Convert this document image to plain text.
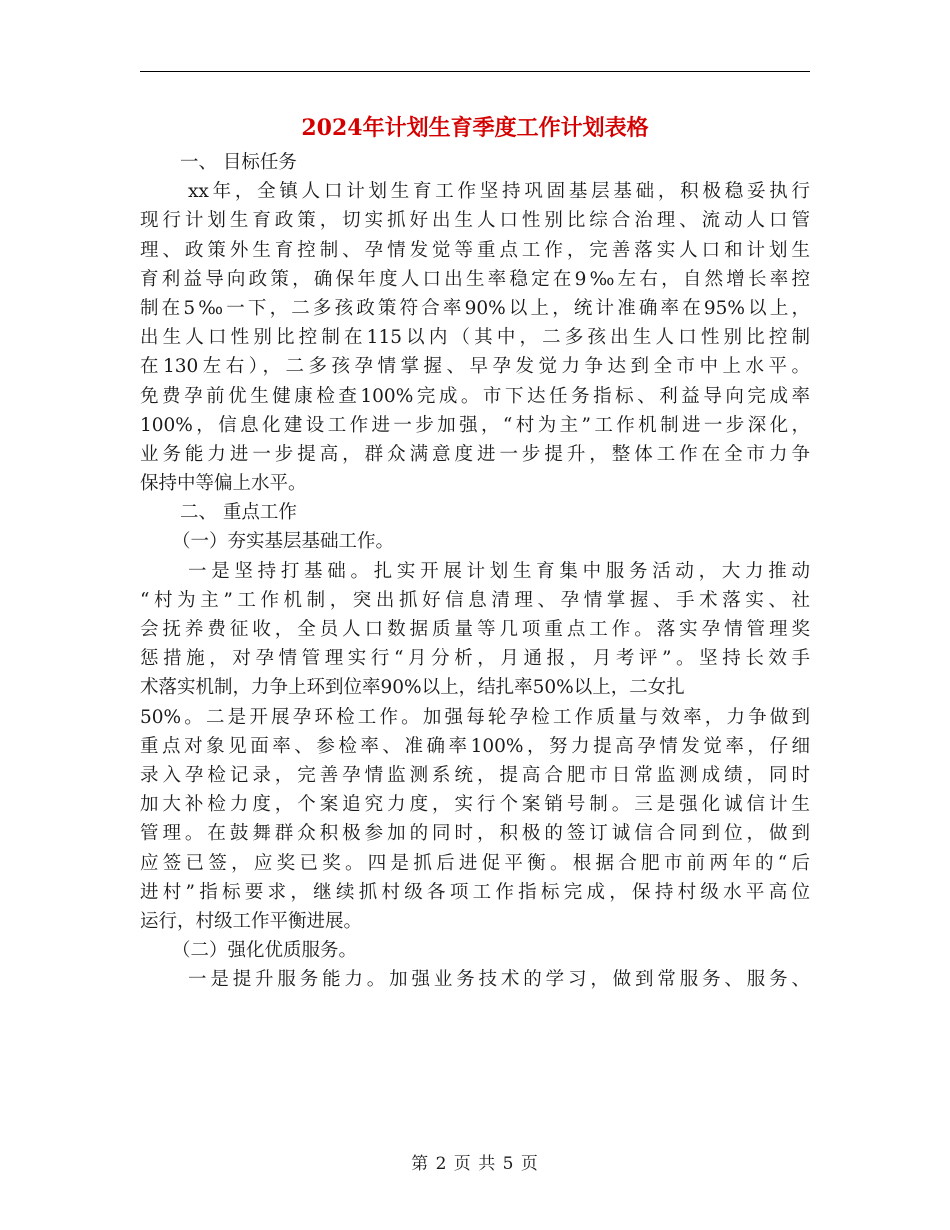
2024年计划生育季度工作计划表格

一、 目标任务

xx年，全镇人口计划生育工作坚持巩固基层基础，积极稳妥执行

现行计划生育政策，切实抓好出生人口性别比综合治理、流动人口管

理、政策外生育控制、孕情发觉等重点工作，完善落实人口和计划生

育利益导向政策，确保年度人口出生率稳定在9‰左右，自然增长率控

制在5‰一下，二多孩政策符合率90%以上，统计准确率在95%以上，

出生人口性别比控制在115以内（其中，二多孩出生人口性别比控制

在130左右），二多孩孕情掌握、早孕发觉力争达到全市中上水平。

免费孕前优生健康检查100%完成。市下达任务指标、利益导向完成率

100%，信息化建设工作进一步加强，“村为主”工作机制进一步深化，

业务能力进一步提高，群众满意度进一步提升，整体工作在全市力争

保持中等偏上水平。

二、 重点工作

（一）夯实基层基础工作。

一是坚持打基础。扎实开展计划生育集中服务活动，大力推动

“村为主”工作机制，突出抓好信息清理、孕情掌握、手术落实、社

会抚养费征收，全员人口数据质量等几项重点工作。落实孕情管理奖

惩措施，对孕情管理实行“月分析，月通报，月考评”。坚持长效手

术落实机制，力争上环到位率90%以上，结扎率50%以上，二女扎

50%。二是开展孕环检工作。加强每轮孕检工作质量与效率，力争做到

重点对象见面率、参检率、准确率100%，努力提高孕情发觉率，仔细

录入孕检记录，完善孕情监测系统，提高合肥市日常监测成绩，同时

加大补检力度，个案追究力度，实行个案销号制。三是强化诚信计生

管理。在鼓舞群众积极参加的同时，积极的签订诚信合同到位，做到

应签已签，应奖已奖。四是抓后进促平衡。根据合肥市前两年的“后

进村”指标要求，继续抓村级各项工作指标完成，保持村级水平高位

运行，村级工作平衡进展。

（二）强化优质服务。

一是提升服务能力。加强业务技术的学习，做到常服务、服务、

第 2 页 共 5 页
